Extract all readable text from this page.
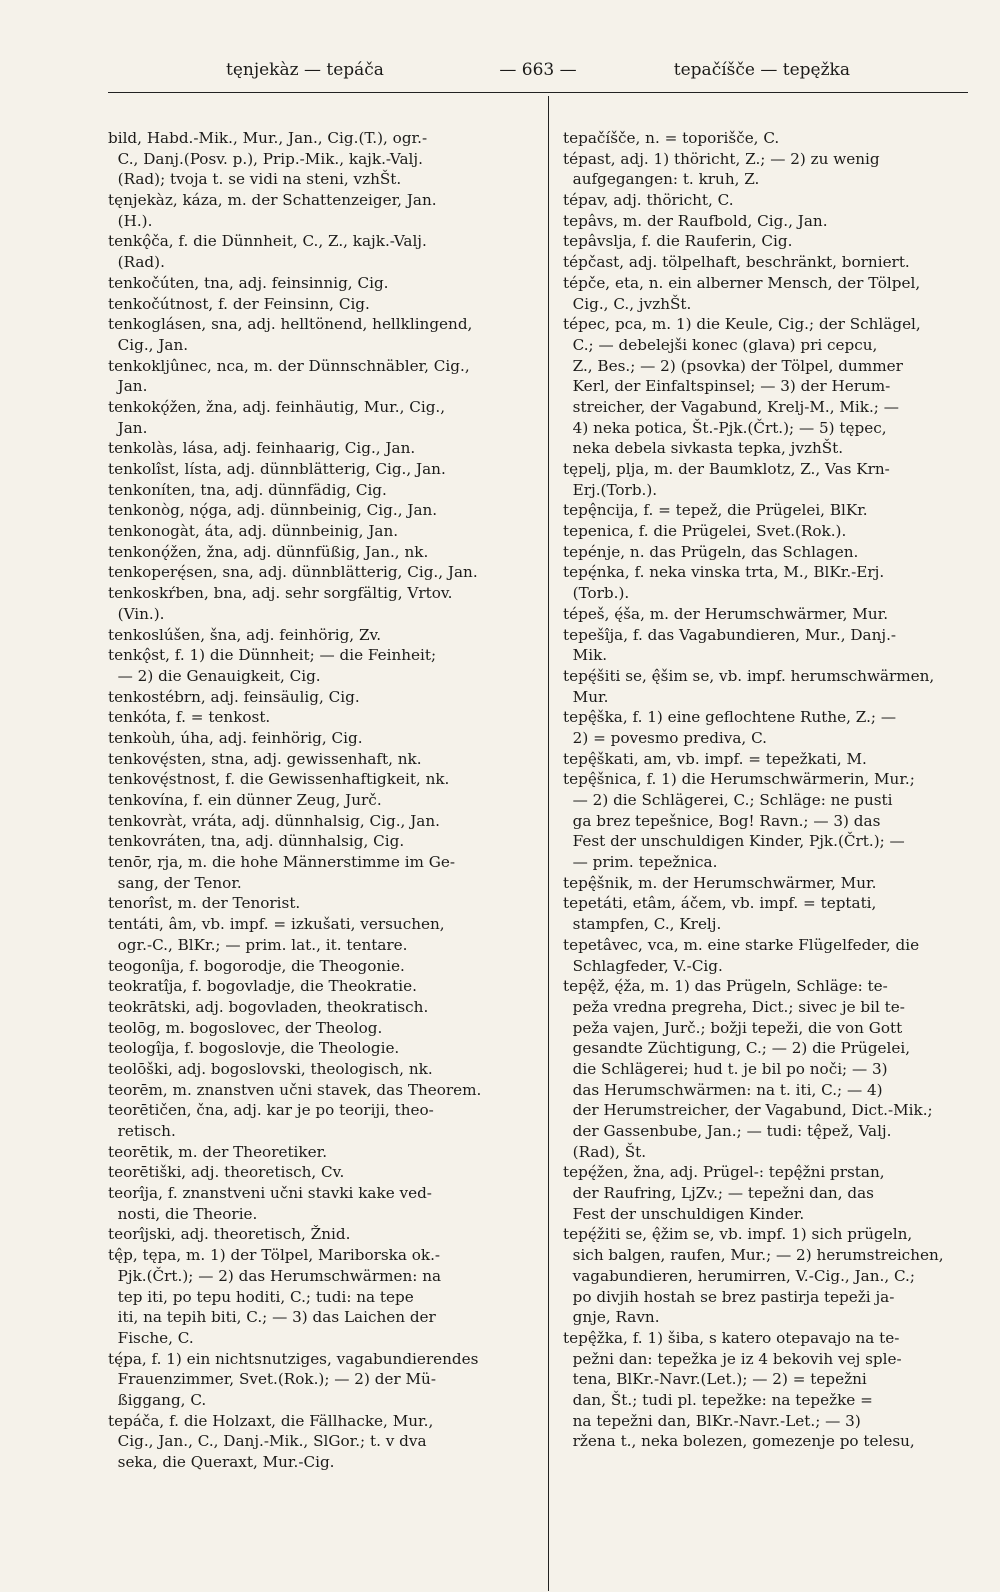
tęnjekàz — tepáča	— 663 —	tepačíšče — tepęžka
bild, Habd.-Mik., Mur., Jan., Cig.(T.), ogr.-
C., Danj.(Posv. p.), Prip.-Mik., kajk.-Valj.
(Rad); tvoja t. se vidi na steni, vzhŠt.
tęnjekàz, káza, m. der Schattenzeiger, Jan.
(H.).
tenkǫ̂ča, f. die Dünnheit, C., Z., kajk.-Valj.
(Rad).
tenkočúten, tna, adj. feinsinnig, Cig.
tenkočútnost, f. der Feinsinn, Cig.
tenkoglásen, sna, adj. helltönend, hellklingend,
Cig., Jan.
tenkokljûnec, nca, m. der Dünnschnäbler, Cig.,
Jan.
tenkokǫ́žen, žna, adj. feinhäutig, Mur., Cig.,
Jan.
tenkolàs, lása, adj. feinhaarig, Cig., Jan.
tenkolîst, lísta, adj. dünnblätterig, Cig., Jan.
tenkoníten, tna, adj. dünnfädig, Cig.
tenkonòg, nǫ́ga, adj. dünnbeinig, Cig., Jan.
tenkonogàt, áta, adj. dünnbeinig, Jan.
tenkonǫ́žen, žna, adj. dünnfüßig, Jan., nk.
tenkoperę́sen, sna, adj. dünnblätterig, Cig., Jan.
tenkoskŕben, bna, adj. sehr sorgfältig, Vrtov.
(Vin.).
tenkoslúšen, šna, adj. feinhörig, Zv.
tenkǫ̂st, f. 1) die Dünnheit; — die Feinheit;
— 2) die Genauigkeit, Cig.
tenkostébrn, adj. feinsäulig, Cig.
tenkóta, f. = tenkost.
tenkoùh, úha, adj. feinhörig, Cig.
tenkovę́sten, stna, adj. gewissenhaft, nk.
tenkovę́stnost, f. die Gewissenhaftigkeit, nk.
tenkovína, f. ein dünner Zeug, Jurč.
tenkovràt, vráta, adj. dünnhalsig, Cig., Jan.
tenkovráten, tna, adj. dünnhalsig, Cig.
tenōr, rja, m. die hohe Männerstimme im Ge-
sang, der Tenor.
tenorîst, m. der Tenorist.
tentáti, âm, vb. impf. = izkušati, versuchen,
ogr.-C., BlKr.; — prim. lat., it. tentare.
teogonîja, f. bogorodje, die Theogonie.
teokratîja, f. bogovladje, die Theokratie.
teokrātski, adj. bogovladen, theokratisch.
teolōg, m. bogoslovec, der Theolog.
teologîja, f. bogoslovje, die Theologie.
teolōški, adj. bogoslovski, theologisch, nk.
teorēm, m. znanstven učni stavek, das Theorem.
teorētičen, čna, adj. kar je po teoriji, theo-
retisch.
teorētik, m. der Theoretiker.
teorētiški, adj. theoretisch, Cv.
teorîja, f. znanstveni učni stavki kake ved-
nosti, die Theorie.
teorîjski, adj. theoretisch, Žnid.
tę̂p, tępa, m. 1) der Tölpel, Mariborska ok.-
Pjk.(Črt.); — 2) das Herumschwärmen: na
tep iti, po tepu hoditi, C.; tudi: na tepe
iti, na tepih biti, C.; — 3) das Laichen der
Fische, C.
tę́pa, f. 1) ein nichtsnutziges, vagabundierendes
Frauenzimmer, Svet.(Rok.); — 2) der Mü-
ßiggang, C.
tepáča, f. die Holzaxt, die Fällhacke, Mur.,
Cig., Jan., C., Danj.-Mik., SlGor.; t. v dva
seka, die Queraxt, Mur.-Cig.
tepačíšče, n. = toporišče, C.
tépast, adj. 1) thöricht, Z.; — 2) zu wenig
aufgegangen: t. kruh, Z.
tépav, adj. thöricht, C.
tepâvs, m. der Raufbold, Cig., Jan.
tepâvslja, f. die Rauferin, Cig.
tépčast, adj. tölpelhaft, beschränkt, borniert.
tépče, eta, n. ein alberner Mensch, der Tölpel,
Cig., C., jvzhŠt.
tépec, pca, m. 1) die Keule, Cig.; der Schlägel,
C.; — debelejši konec (glava) pri cepcu,
Z., Bes.; — 2) (psovka) der Tölpel, dummer
Kerl, der Einfaltspinsel; — 3) der Herum-
streicher, der Vagabund, Krelj-M., Mik.; —
4) neka potica, Št.-Pjk.(Črt.); — 5) tępec,
neka debela sivkasta tepka, jvzhŠt.
tępelj, plja, m. der Baumklotz, Z., Vas Krn-
Erj.(Torb.).
tepę̂ncija, f. = tepež, die Prügelei, BlKr.
tepenica, f. die Prügelei, Svet.(Rok.).
tepénje, n. das Prügeln, das Schlagen.
tepę́nka, f. neka vinska trta, M., BlKr.-Erj.
(Torb.).
tépeš, ę́ša, m. der Herumschwärmer, Mur.
tepešîja, f. das Vagabundieren, Mur., Danj.-
Mik.
tepę́šiti se, ę̂šim se, vb. impf. herumschwärmen,
Mur.
tepę̂ška, f. 1) eine geflochtene Ruthe, Z.; —
2) = povesmo prediva, C.
tepę̂škati, am, vb. impf. = tepežkati, M.
tepę̂šnica, f. 1) die Herumschwärmerin, Mur.;
— 2) die Schlägerei, C.; Schläge: ne pusti
ga brez tepešnice, Bog! Ravn.; — 3) das
Fest der unschuldigen Kinder, Pjk.(Črt.); —
— prim. tepežnica.
tepę̂šnik, m. der Herumschwärmer, Mur.
tepetáti, etâm, áčem, vb. impf. = teptati,
stampfen, C., Krelj.
tepetâvec, vca, m. eine starke Flügelfeder, die
Schlagfeder, V.-Cig.
tepę̂ž, ę́ža, m. 1) das Prügeln, Schläge: te-
peža vredna pregreha, Dict.; sivec je bil te-
peža vajen, Jurč.; božji tepeži, die von Gott
gesandte Züchtigung, C.; — 2) die Prügelei,
die Schlägerei; hud t. je bil po noči; — 3)
das Herumschwärmen: na t. iti, C.; — 4)
der Herumstreicher, der Vagabund, Dict.-Mik.;
der Gassenbube, Jan.; — tudi: tę̂pež, Valj.
(Rad), Št.
tepę́žen, žna, adj. Prügel-: tepę̂žni prstan,
der Raufring, LjZv.; — tepežni dan, das
Fest der unschuldigen Kinder.
tepę́žiti se, ę̂žim se, vb. impf. 1) sich prügeln,
sich balgen, raufen, Mur.; — 2) herumstreichen,
vagabundieren, herumirren, V.-Cig., Jan., C.;
po divjih hostah se brez pastirja tepeži ja-
gnje, Ravn.
tepę̂žka, f. 1) šiba, s katero otepavajo na te-
pežni dan: tepežka je iz 4 bekovih vej sple-
tena, BlKr.-Navr.(Let.); — 2) = tepežni
dan, Št.; tudi pl. tepežke: na tepežke =
na tepežni dan, BlKr.-Navr.-Let.; — 3)
ržena t., neka bolezen, gomezenje po telesu,
